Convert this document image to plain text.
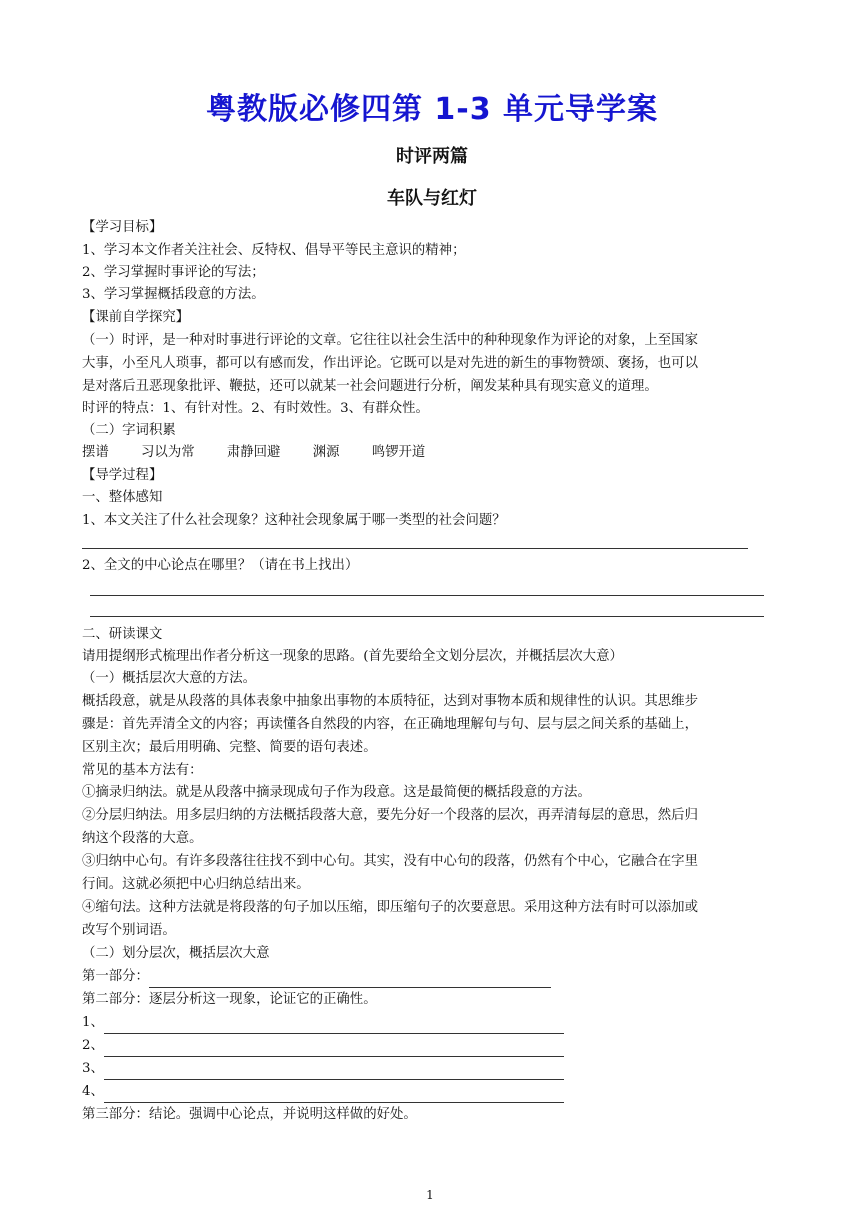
粤教版必修四第 1-3 单元导学案
时评两篇
车队与红灯
【学习目标】
1、学习本文作者关注社会、反特权、倡导平等民主意识的精神；
2、学习掌握时事评论的写法；
3、学习掌握概括段意的方法。
【课前自学探究】
（一）时评，是一种对时事进行评论的文章。它往往以社会生活中的种种现象作为评论的对象，上至国家
大事，小至凡人琐事，都可以有感而发，作出评论。它既可以是对先进的新生的事物赞颂、褒扬，也可以
是对落后丑恶现象批评、鞭挞，还可以就某一社会问题进行分析，阐发某种具有现实意义的道理。
时评的特点：1、有针对性。2、有时效性。3、有群众性。
（二）字词积累
摆谱 习以为常 肃静回避 渊源 鸣锣开道
【导学过程】
一、整体感知
1、本文关注了什么社会现象？这种社会现象属于哪一类型的社会问题？
2、全文的中心论点在哪里？（请在书上找出）
二、研读课文
请用提纲形式梳理出作者分析这一现象的思路。(首先要给全文划分层次，并概括层次大意）
（一）概括层次大意的方法。
概括段意，就是从段落的具体表象中抽象出事物的本质特征，达到对事物本质和规律性的认识。其思维步
骤是：首先弄清全文的内容；再读懂各自然段的内容，在正确地理解句与句、层与层之间关系的基础上，
区别主次；最后用明确、完整、简要的语句表述。
常见的基本方法有：
①摘录归纳法。就是从段落中摘录现成句子作为段意。这是最简便的概括段意的方法。
②分层归纳法。用多层归纳的方法概括段落大意，要先分好一个段落的层次，再弄清每层的意思，然后归
纳这个段落的大意。
③归纳中心句。有许多段落往往找不到中心句。其实，没有中心句的段落，仍然有个中心，它融合在字里
行间。这就必须把中心归纳总结出来。
④缩句法。这种方法就是将段落的句子加以压缩，即压缩句子的次要意思。采用这种方法有时可以添加或
改写个别词语。
（二）划分层次，概括层次大意
第一部分：
第二部分：逐层分析这一现象，论证它的正确性。
1、
2、
3、
4、
第三部分：结论。强调中心论点，并说明这样做的好处。
1
